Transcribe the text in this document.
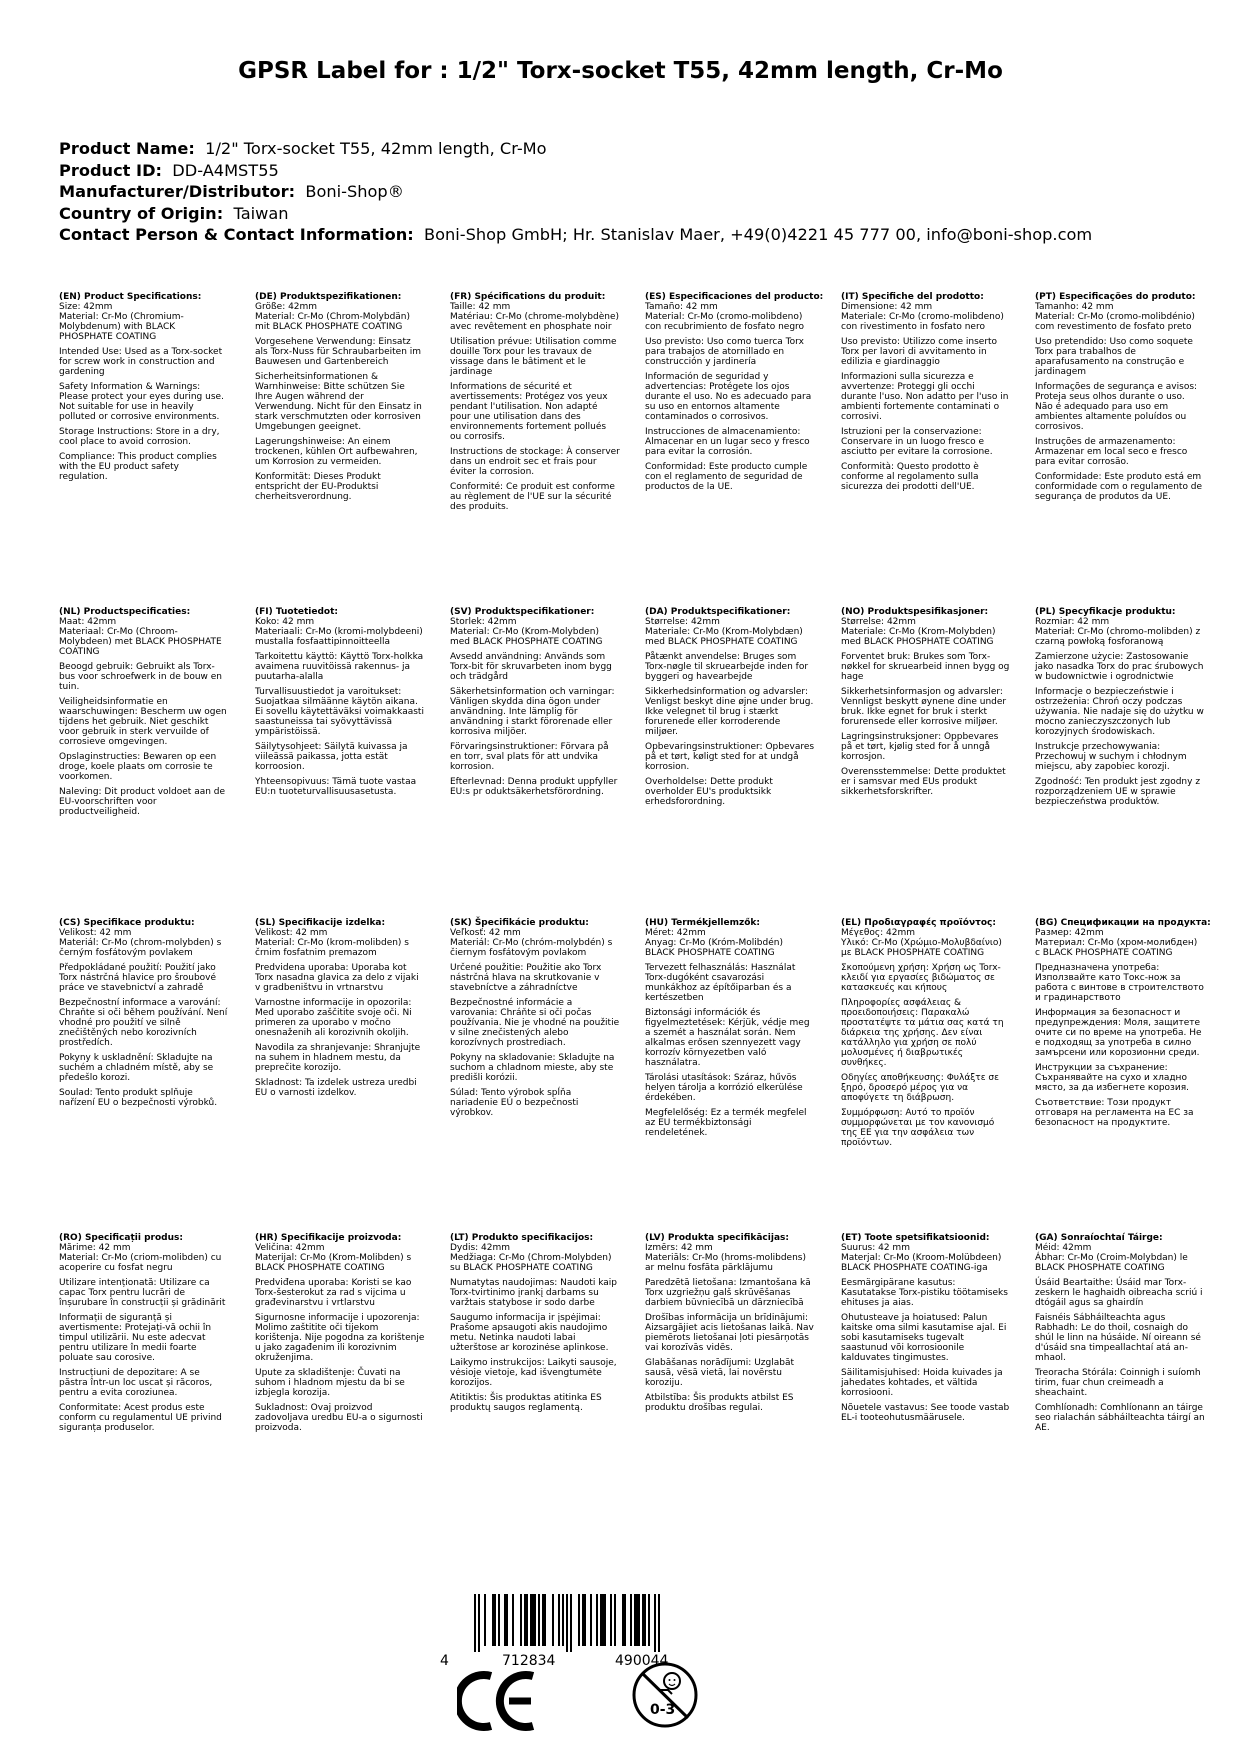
GPSR Label for : 1/2" Torx-socket T55, 42mm length, Cr-Mo
Product Name: 1/2" Torx-socket T55, 42mm length, Cr-Mo
Product ID: DD-A4MST55
Manufacturer/Distributor: Boni-Shop®
Country of Origin: Taiwan
Contact Person & Contact Information: Boni-Shop GmbH; Hr. Stanislav Maer, +49(0)4221 45 777 00, info@boni-shop.com
(EN) Product Specifications:

Size: 42mm

Material: Cr-Mo (Chromium-Molybdenum) with BLACK PHOSPHATE COATING

Intended Use: Used as a Torx-socket for screw work in construction and gardening

Safety Information & Warnings: Please protect your eyes during use. Not suitable for use in heavily polluted or corrosive environments.

Storage Instructions: Store in a dry, cool place to avoid corrosion.

Compliance: This product complies with the EU product safety regulation.

(DE) Produktspezifikationen:

Größe: 42mm

Material: Cr-Mo (Chrom-Molybdän) mit BLACK PHOSPHATE COATING

Vorgesehene Verwendung: Einsatz als Torx-Nuss für Schraubarbeiten im Bauwesen und Gartenbereich

Sicherheitsinformationen & Warnhinweise: Bitte schützen Sie Ihre Augen während der Verwendung. Nicht für den Einsatz in stark verschmutzten oder korrosiven Umgebungen geeignet.

Lagerungshinweise: An einem trockenen, kühlen Ort aufbewahren, um Korrosion zu vermeiden.

Konformität: Dieses Produkt entspricht der EU-Produktsi cherheitsverordnung.

(FR) Spécifications du produit:

Taille: 42 mm

Matériau: Cr-Mo (chrome-molybdène) avec revêtement en phosphate noir

Utilisation prévue: Utilisation comme douille Torx pour les travaux de vissage dans le bâtiment et le jardinage

Informations de sécurité et avertissements: Protégez vos yeux pendant l'utilisation. Non adapté pour une utilisation dans des environnements fortement pollués ou corrosifs.

Instructions de stockage: À conserver dans un endroit sec et frais pour éviter la corrosion.

Conformité: Ce produit est conforme au règlement de l'UE sur la sécurité des produits.

(ES) Especificaciones del producto:

Tamaño: 42 mm

Material: Cr-Mo (cromo-molibdeno) con recubrimiento de fosfato negro

Uso previsto: Uso como tuerca Torx para trabajos de atornillado en construcción y jardinería

Información de seguridad y advertencias: Protégete los ojos durante el uso. No es adecuado para su uso en entornos altamente contaminados o corrosivos.

Instrucciones de almacenamiento: Almacenar en un lugar seco y fresco para evitar la corrosión.

Conformidad: Este producto cumple con el reglamento de seguridad de productos de la UE.

(IT) Specifiche del prodotto:

Dimensione: 42 mm

Materiale: Cr-Mo (cromo-molibdeno) con rivestimento in fosfato nero

Uso previsto: Utilizzo come inserto Torx per lavori di avvitamento in edilizia e giardinaggio

Informazioni sulla sicurezza e avvertenze: Proteggi gli occhi durante l'uso. Non adatto per l'uso in ambienti fortemente contaminati o corrosivi.

Istruzioni per la conservazione: Conservare in un luogo fresco e asciutto per evitare la corrosione.

Conformità: Questo prodotto è conforme al regolamento sulla sicurezza dei prodotti dell'UE.

(PT) Especificações do produto:

Tamanho: 42 mm

Material: Cr-Mo (cromo-molibdénio) com revestimento de fosfato preto

Uso pretendido: Uso como soquete Torx para trabalhos de aparafusamento na construção e jardinagem

Informações de segurança e avisos: Proteja seus olhos durante o uso. Não é adequado para uso em ambientes altamente poluídos ou corrosivos.

Instruções de armazenamento: Armazenar em local seco e fresco para evitar corrosão.

Conformidade: Este produto está em conformidade com o regulamento de segurança de produtos da UE.

(NL) Productspecificaties:

Maat: 42mm

Materiaal: Cr-Mo (Chroom-Molybdeen) met BLACK PHOSPHATE COATING

Beoogd gebruik: Gebruikt als Torx-bus voor schroefwerk in de bouw en tuin.

Veiligheidsinformatie en waarschuwingen: Bescherm uw ogen tijdens het gebruik. Niet geschikt voor gebruik in sterk vervuilde of corrosieve omgevingen.

Opslaginstructies: Bewaren op een droge, koele plaats om corrosie te voorkomen.

Naleving: Dit product voldoet aan de EU-voorschriften voor productveiligheid.

(FI) Tuotetiedot:

Koko: 42 mm

Materiaali: Cr-Mo (kromi-molybdeeni) mustalla fosfaattipinnoitteella

Tarkoitettu käyttö: Käyttö Torx-holkka avaimena ruuvitöissä rakennus- ja puutarha-alalla

Turvallisuustiedot ja varoitukset: Suojatkaa silmäänne käytön aikana. Ei sovellu käytettäväksi voimakkaasti saastuneissa tai syövyttävissä ympäristöissä.

Säilytysohjeet: Säilytä kuivassa ja viileässä paikassa, jotta estät korroosion.

Yhteensopivuus: Tämä tuote vastaa EU:n tuoteturvallisuusasetusta.

(SV) Produktspecifikationer:

Storlek: 42mm

Material: Cr-Mo (Krom-Molybden) med BLACK PHOSPHATE COATING

Avsedd användning: Används som Torx-bit för skruvarbeten inom bygg och trädgård

Säkerhetsinformation och varningar: Vänligen skydda dina ögon under användning. Inte lämplig för användning i starkt förorenade eller korrosiva miljöer.

Förvaringsinstruktioner: Förvara på en torr, sval plats för att undvika korrosion.

Efterlevnad: Denna produkt uppfyller EU:s pr oduktsäkerhetsförordning.

(DA) Produktspecifikationer:

Størrelse: 42mm

Materiale: Cr-Mo (Krom-Molybdæn) med BLACK PHOSPHATE COATING

Påtænkt anvendelse: Bruges som Torx-nøgle til skruearbejde inden for byggeri og havearbejde

Sikkerhedsinformation og advarsler: Venligst beskyt dine øjne under brug. Ikke velegnet til brug i stærkt forurenede eller korroderende miljøer.

Opbevaringsinstruktioner: Opbevares på et tørt, køligt sted for at undgå korrosion.

Overholdelse: Dette produkt overholder EU's produktsikk erhedsforordning.

(NO) Produktspesifikasjoner:

Størrelse: 42mm

Materiale: Cr-Mo (Krom-Molybden) med BLACK PHOSPHATE COATING

Forventet bruk: Brukes som Torx-nøkkel for skruearbeid innen bygg og hage

Sikkerhetsinformasjon og advarsler: Vennligst beskytt øynene dine under bruk. Ikke egnet for bruk i sterkt forurensede eller korrosive miljøer.

Lagringsinstruksjoner: Oppbevares på et tørt, kjølig sted for å unngå korrosjon.

Overensstemmelse: Dette produktet er i samsvar med EUs produkt sikkerhetsforskrifter.

(PL) Specyfikacje produktu:

Rozmiar: 42 mm

Materiał: Cr-Mo (chromo-molibden) z czarną powłoką fosforanową

Zamierzone użycie: Zastosowanie jako nasadka Torx do prac śrubowych w budownictwie i ogrodnictwie

Informacje o bezpieczeństwie i ostrzeżenia: Chroń oczy podczas używania. Nie nadaje się do użytku w mocno zanieczyszczonych lub korozyjnych środowiskach.

Instrukcje przechowywania: Przechowuj w suchym i chłodnym miejscu, aby zapobiec korozji.

Zgodność: Ten produkt jest zgodny z rozporządzeniem UE w sprawie bezpieczeństwa produktów.

(CS) Specifikace produktu:

Velikost: 42 mm

Materiál: Cr-Mo (chrom-molybden) s černým fosfátovým povlakem

Předpokládané použití: Použití jako Torx nástrčná hlavice pro šroubové práce ve stavebnictví a zahradě

Bezpečnostní informace a varování: Chraňte si oči během používání. Není vhodné pro použití ve silně znečištěných nebo korozivních prostředích.

Pokyny k uskladnění: Skladujte na suchém a chladném místě, aby se předešlo korozi.

Soulad: Tento produkt splňuje nařízení EU o bezpečnosti výrobků.

(SL) Specifikacije izdelka:

Velikost: 42 mm

Material: Cr-Mo (krom-molibden) s črnim fosfatnim premazom

Predvidena uporaba: Uporaba kot Torx nasadna glavica za delo z vijaki v gradbeništvu in vrtnarstvu

Varnostne informacije in opozorila: Med uporabo zaščitite svoje oči. Ni primeren za uporabo v močno onesnaženih ali korozivnih okoljih.

Navodila za shranjevanje: Shranjujte na suhem in hladnem mestu, da preprečite korozijo.

Skladnost: Ta izdelek ustreza uredbi EU o varnosti izdelkov.

(SK) Špecifikácie produktu:

Veľkosť: 42 mm

Materiál: Cr-Mo (chróm-molybdén) s čiernym fosfátovým povlakom

Určené použitie: Použitie ako Torx nástrčná hlava na skrutkovanie v stavebníctve a záhradníctve

Bezpečnostné informácie a varovania: Chráňte si oči počas používania. Nie je vhodné na použitie v silne znečistených alebo korozívnych prostrediach.

Pokyny na skladovanie: Skladujte na suchom a chladnom mieste, aby ste predišli korózii.

Súlad: Tento výrobok spĺňa nariadenie EÚ o bezpečnosti výrobkov.

(HU) Termékjellemzők:

Méret: 42mm

Anyag: Cr-Mo (Króm-Molibdén) BLACK PHOSPHATE COATING

Tervezett felhasználás: Használat Torx-dugóként csavarozási munkákhoz az építőiparban és a kertészetben

Biztonsági információk és figyelmeztetések: Kérjük, védje meg a szemét a használat során. Nem alkalmas erősen szennyezett vagy korrozív környezetben való használatra.

Tárolási utasítások: Száraz, hűvös helyen tárolja a korrózió elkerülése érdekében.

Megfelelőség: Ez a termék megfelel az EU termékbiztonsági rendeletének.

(EL) Προδιαγραφές προϊόντος:

Μέγεθος: 42mm

Υλικό: Cr-Mo (Χρώμιο-Μολυβδαίνιο) με BLACK PHOSPHATE COATING

Σκοπούμενη χρήση: Χρήση ως Torx-κλειδί για εργασίες βιδώματος σε κατασκευές και κήπους

Πληροφορίες ασφάλειας & προειδοποιήσεις: Παρακαλώ προστατέψτε τα μάτια σας κατά τη διάρκεια της χρήσης. Δεν είναι κατάλληλο για χρήση σε πολύ μολυσμένες ή διαβρωτικές συνθήκες.

Οδηγίες αποθήκευσης: Φυλάξτε σε ξηρό, δροσερό μέρος για να αποφύγετε τη διάβρωση.

Συμμόρφωση: Αυτό το προϊόν συμμορφώνεται με τον κανονισμό της ΕΕ για την ασφάλεια των προϊόντων.

(BG) Спецификации на продукта:

Размер: 42mm

Материал: Cr-Mo (хром-молибден) с BLACK PHOSPHATE COATING

Предназначена употреба: Използвайте като Токс-нож за работа с винтове в строителството и градинарството

Информация за безопасност и предупреждения: Моля, защитете очите си по време на употреба. Не е подходящ за употреба в силно замърсени или корозионни среди.

Инструкции за съхранение: Съхранявайте на сухо и хладно място, за да избегнете корозия.

Съответствие: Този продукт отговаря на регламента на ЕС за безопасност на продуктите.

(RO) Specificații produs:

Mărime: 42 mm

Material: Cr-Mo (criom-molibden) cu acoperire cu fosfat negru

Utilizare intenționată: Utilizare ca capac Torx pentru lucrări de înșurubare în construcții și grădinărit

Informații de siguranță și avertismente: Protejați-vă ochii în timpul utilizării. Nu este adecvat pentru utilizare în medii foarte poluate sau corosive.

Instrucțiuni de depozitare: A se păstra într-un loc uscat și răcoros, pentru a evita coroziunea.

Conformitate: Acest produs este conform cu regulamentul UE privind siguranța produselor.

(HR) Specifikacije proizvoda:

Veličina: 42mm

Materijal: Cr-Mo (Krom-Molibden) s BLACK PHOSPHATE COATING

Predviđena uporaba: Koristi se kao Torx-šesterokut za rad s vijcima u građevinarstvu i vrtlarstvu

Sigurnosne informacije i upozorenja: Molimo zaštitite oči tijekom korištenja. Nije pogodna za korištenje u jako zagađenim ili korozivnim okruženjima.

Upute za skladištenje: Čuvati na suhom i hladnom mjestu da bi se izbjegla korozija.

Sukladnost: Ovaj proizvod zadovoljava uredbu EU-a o sigurnosti proizvoda.

(LT) Produkto specifikacijos:

Dydis: 42mm

Medžiaga: Cr-Mo (Chrom-Molybden) su BLACK PHOSPHATE COATING

Numatytas naudojimas: Naudoti kaip Torx-tvirtinimo įrankį darbams su varžtais statybose ir sodo darbe

Saugumo informacija ir įspėjimai: Prašome apsaugoti akis naudojimo metu. Netinka naudoti labai užterštose ar korozinėse aplinkose.

Laikymo instrukcijos: Laikyti sausoje, vėsioje vietoje, kad išvengtumėte korozijos.

Atitiktis: Šis produktas atitinka ES produktų saugos reglamentą.

(LV) Produkta specifikācijas:

Izmērs: 42 mm

Materiāls: Cr-Mo (hroms-molibdens) ar melnu fosfāta pārklājumu

Paredzētā lietošana: Izmantošana kā Torx uzgriežņu galš skrūvēšanas darbiem būvniecībā un dārzniecībā

Drošības informācija un brīdinājumi: Aizsargājiet acis lietošanas laikā. Nav piemērots lietošanai ļoti piesārņotās vai korozīvās vidēs.

Glabāšanas norādījumi: Uzglabāt sausā, vēsā vietā, lai novērstu koroziju.

Atbilstība: Šis produkts atbilst ES produktu drošības regulai.

(ET) Toote spetsifikatsioonid:

Suurus: 42 mm

Materjal: Cr-Mo (Kroom-Molübdeen) BLACK PHOSPHATE COATING-iga

Eesmärgipärane kasutus: Kasutatakse Torx-pistiku töötamiseks ehituses ja aias.

Ohutusteave ja hoiatused: Palun kaitske oma silmi kasutamise ajal. Ei sobi kasutamiseks tugevalt saastunud või korrosioonile kalduvates tingimustes.

Säilitamisjuhised: Hoida kuivades ja jahedates kohtades, et vältida korrosiooni.

Nõuetele vastavus: See toode vastab EL-i tooteohutusmäärusele.

(GA) Sonraíochtaí Táirge:

Méid: 42mm

Ábhar: Cr-Mo (Croim-Molybdan) le BLACK PHOSPHATE COATING

Úsáid Beartaithe: Úsáid mar Torx-zeskern le haghaidh oibreacha scriú i dtógáil agus sa ghairdín

Faisnéis Sábháilteachta agus Rabhadh: Le do thoil, cosnaigh do shúl le linn na húsáide. Ní oireann sé d'úsáid sna timpeallachtaí atá an-mhaol.

Treoracha Stórála: Coinnigh i suíomh tirim, fuar chun creimeadh a sheachaint.

Comhlíonadh: Comhlíonann an táirge seo rialachán sábháilteachta táirgí an AE.

4	712834	490044
0-3
